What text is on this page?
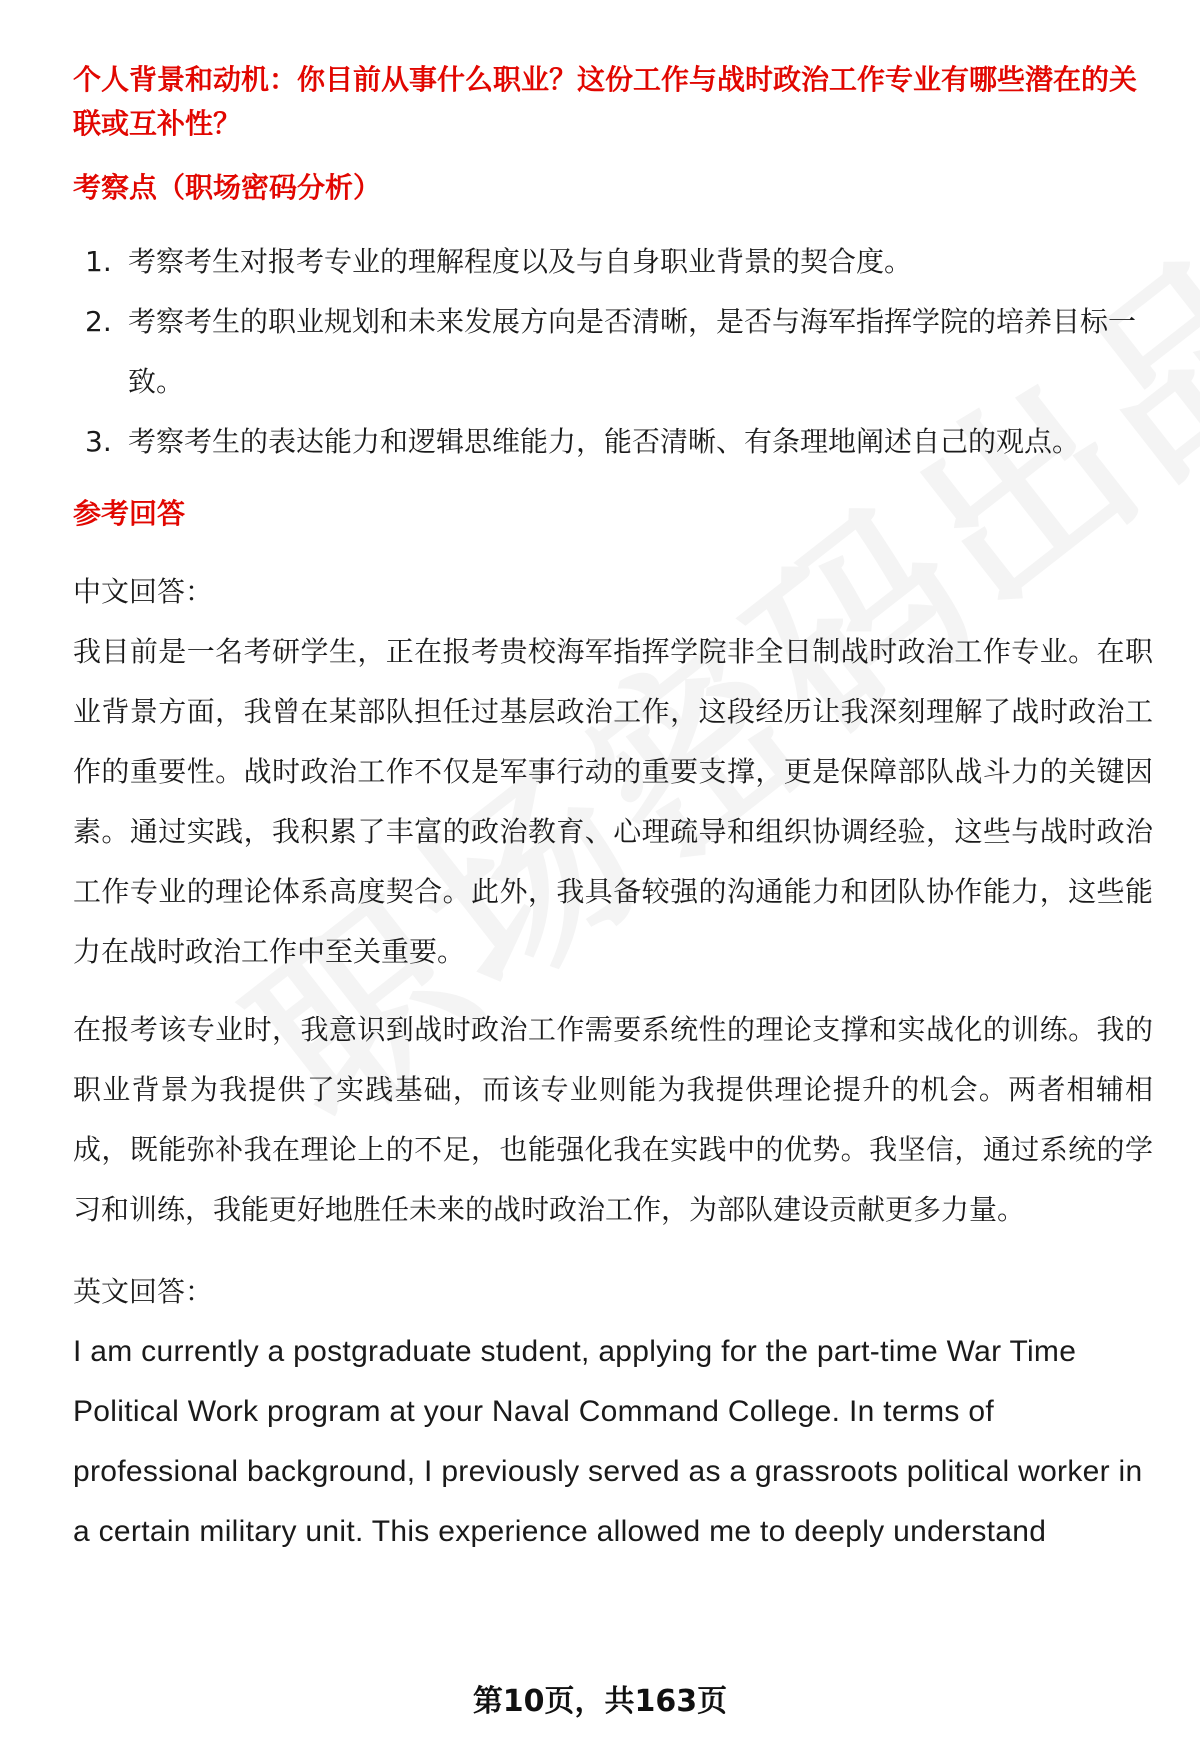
个人背景和动机：你目前从事什么职业？这份工作与战时政治工作专业有哪些潜在的关联或互补性？

考察点（职场密码分析）

1. 考察考生对报考专业的理解程度以及与自身职业背景的契合度。
2. 考察考生的职业规划和未来发展方向是否清晰，是否与海军指挥学院的培养目标一致。
3. 考察考生的表达能力和逻辑思维能力，能否清晰、有条理地阐述自己的观点。

参考回答

中文回答：

我目前是一名考研学生，正在报考贵校海军指挥学院非全日制战时政治工作专业。在职业背景方面，我曾在某部队担任过基层政治工作，这段经历让我深刻理解了战时政治工作的重要性。战时政治工作不仅是军事行动的重要支撑，更是保障部队战斗力的关键因素。通过实践，我积累了丰富的政治教育、心理疏导和组织协调经验，这些与战时政治工作专业的理论体系高度契合。此外，我具备较强的沟通能力和团队协作能力，这些能力在战时政治工作中至关重要。

在报考该专业时，我意识到战时政治工作需要系统性的理论支撑和实战化的训练。我的职业背景为我提供了实践基础，而该专业则能为我提供理论提升的机会。两者相辅相成，既能弥补我在理论上的不足，也能强化我在实践中的优势。我坚信，通过系统的学习和训练，我能更好地胜任未来的战时政治工作，为部队建设贡献更多力量。

英文回答：

I am currently a postgraduate student, applying for the part-time War Time Political Work program at your Naval Command College. In terms of professional background, I previously served as a grassroots political worker in a certain military unit. This experience allowed me to deeply understand

第10页，共163页
